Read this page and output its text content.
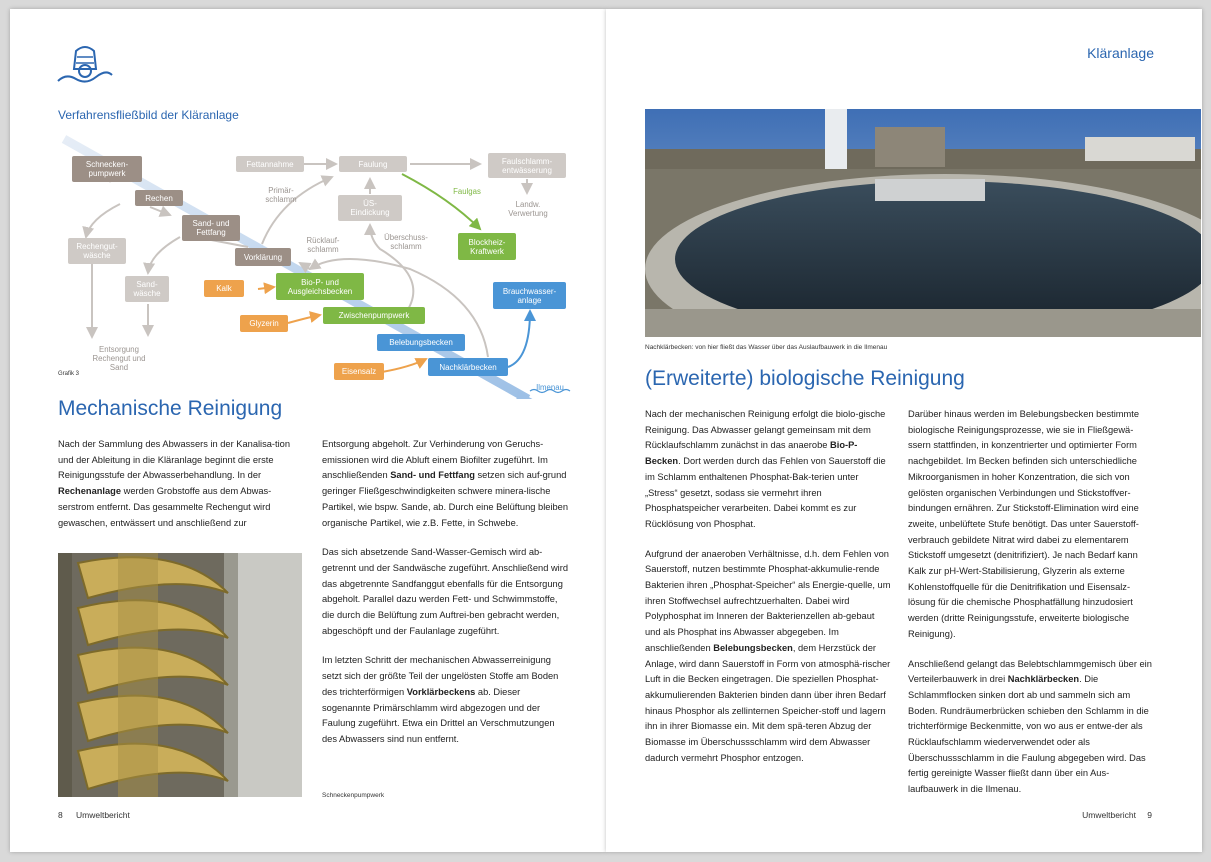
Verfahrensfließbild der Kläranlage
Schnecken-
pumpwerk
Rechen
Sand- und
Fettfang
Rechengut-
wäsche
Sand-
wäsche
Vorklärung
Fettannahme	Faulung	Faulschlamm-
entwässerung
ÜS-
Eindickung
Kalk
Bio-P- und
Ausgleichsbecken
Blockheiz-
Kraftwerk
Glyzerin
Zwischenpumpwerk
Belebungsbecken
Eisensalz	Nachklärbecken
Brauchwasser-
anlage
Primär-
schlamm
Faulgas
Landw.
Verwertung
Rücklauf-
schlamm
Überschuss-
schlamm
Entsorgung
Rechengut und
Sand
Ilmenau
Grafik 3
Mechanische Reinigung

Nach der Sammlung des Abwassers in der Kanalisa-tion und der Ableitung in die Kläranlage beginnt die erste Reinigungsstufe der Abwasserbehandlung. In der Rechenanlage werden Grobstoffe aus dem Abwas-serstrom entfernt. Das gesammelte Rechengut wird gewaschen, entwässert und anschließend zur

Entsorgung abgeholt. Zur Verhinderung von Geruchs-emissionen wird die Abluft einem Biofilter zugeführt. Im anschließenden Sand- und Fettfang setzen sich auf-grund geringer Fließgeschwindigkeiten schwere minera-lische Partikel, wie bspw. Sande, ab. Durch eine Belüftung bleiben organische Partikel, wie z.B. Fette, in Schwebe.

Das sich absetzende Sand-Wasser-Gemisch wird ab-getrennt und der Sandwäsche zugeführt. Anschließend wird das abgetrennte Sandfanggut ebenfalls für die Entsorgung abgeholt. Parallel dazu werden Fett- und Schwimmstoffe, die durch die Belüftung zum Auftrei-ben gebracht werden, abgeschöpft und der Faulanlage zugeführt.

Im letzten Schritt der mechanischen Abwasserreinigung setzt sich der größte Teil der ungelösten Stoffe am Boden des trichterförmigen Vorklärbeckens ab. Dieser sogenannte Primärschlamm wird abgezogen und der Faulung zugeführt. Etwa ein Drittel an Verschmutzungen des Abwassers sind nun entfernt.

Schneckenpumpwerk
8 Umweltbericht
Kläranlage
Nachklärbecken: von hier fließt das Wasser über das Auslaufbauwerk in die Ilmenau
(Erweiterte) biologische Reinigung

Nach der mechanischen Reinigung erfolgt die biolo-gische Reinigung. Das Abwasser gelangt gemeinsam mit dem Rücklaufschlamm zunächst in das anaerobe Bio-P-Becken. Dort werden durch das Fehlen von Sauerstoff die im Schlamm enthaltenen Phosphat-Bak-terien unter „Stress“ gesetzt, sodass sie vermehrt ihren Phosphatspeicher verarbeiten. Dabei kommt es zur Rücklösung von Phosphat.

Aufgrund der anaeroben Verhältnisse, d.h. dem Fehlen von Sauerstoff, nutzen bestimmte Phosphat-akkumulie-rende Bakterien ihren „Phosphat-Speicher“ als Energie-quelle, um ihren Stoffwechsel aufrechtzuerhalten. Dabei wird Polyphosphat im Inneren der Bakterienzellen ab-gebaut und als Phosphat ins Abwasser abgegeben. Im anschließenden Belebungsbecken, dem Herzstück der Anlage, wird dann Sauerstoff in Form von atmosphä-rischer Luft in die Becken eingetragen. Die speziellen Phosphat-akkumulierenden Bakterien binden dann über ihren Bedarf hinaus Phosphor als zellinternen Speicher-stoff und lagern ihn in ihrer Biomasse ein. Mit dem spä-teren Abzug der Biomasse im Überschussschlamm wird dem Abwasser dadurch vermehrt Phosphor entzogen.

Darüber hinaus werden im Belebungsbecken bestimmte biologische Reinigungsprozesse, wie sie in Fließgewä-ssern stattfinden, in konzentrierter und optimierter Form nachgebildet. Im Becken befinden sich unterschiedliche Mikroorganismen in hoher Konzentration, die sich von gelösten organischen Verbindungen und Stickstoffver-bindungen ernähren. Zur Stickstoff-Elimination wird eine zweite, unbelüftete Stufe benötigt. Das unter Sauerstoff-verbrauch gebildete Nitrat wird dabei zu elementarem Stickstoff umgesetzt (denitrifiziert). Je nach Bedarf kann Kalk zur pH-Wert-Stabilisierung, Glyzerin als externe Kohlenstoffquelle für die Denitrifikation und Eisensalz-lösung für die chemische Phosphatfällung hinzudosiert werden (dritte Reinigungsstufe, erweiterte biologische Reinigung).

Anschließend gelangt das Belebtschlammgemisch über ein Verteilerbauwerk in drei Nachklärbecken. Die Schlammflocken sinken dort ab und sammeln sich am Boden. Rundräumerbrücken schieben den Schlamm in die trichterförmige Beckenmitte, von wo aus er entwe-der als Rücklaufschlamm wiederverwendet oder als Überschussschlamm in die Faulung abgegeben wird. Das fertig gereinigte Wasser fließt dann über ein Aus-laufbauwerk in die Ilmenau.

Umweltbericht 9
